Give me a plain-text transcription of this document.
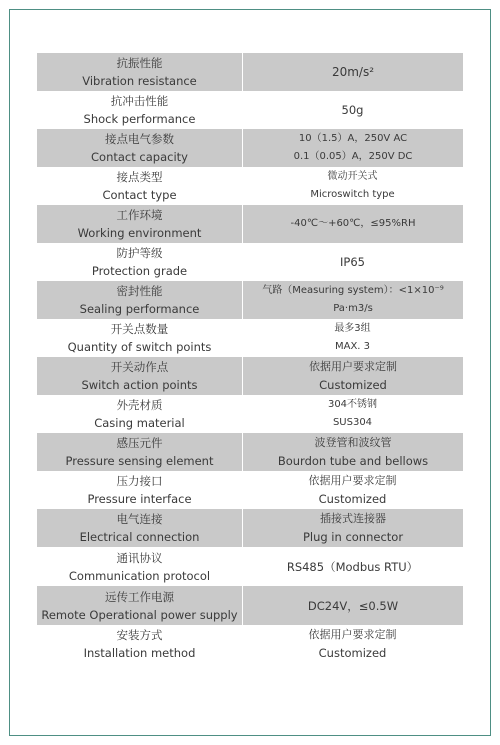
抗振性能
Vibration resistance
20m/s²
抗冲击性能
Shock performance
50g
接点电气参数
Contact capacity
10（1.5）A，250V AC
0.1（0.05）A，250V DC
接点类型
Contact type
微动开关式
Microswitch type
工作环境
Working environment
-40℃～+60℃，≤95%RH
防护等级
Protection grade
IP65
密封性能
Sealing performance
气路（Measuring system）：<1×10⁻⁹
Pa·m3/s
开关点数量
Quantity of switch points
最多3组
MAX. 3
开关动作点
Switch action points
依据用户要求定制
Customized
外壳材质
Casing material
304不锈钢
SUS304
感压元件
Pressure sensing element
波登管和波纹管
Bourdon tube and bellows
压力接口
Pressure interface
依据用户要求定制
Customized
电气连接
Electrical connection
插接式连接器
Plug in connector
通讯协议
Communication protocol
RS485（Modbus RTU）
远传工作电源
Remote Operational power supply
DC24V，≤0.5W
安装方式
Installation method
依据用户要求定制
Customized
